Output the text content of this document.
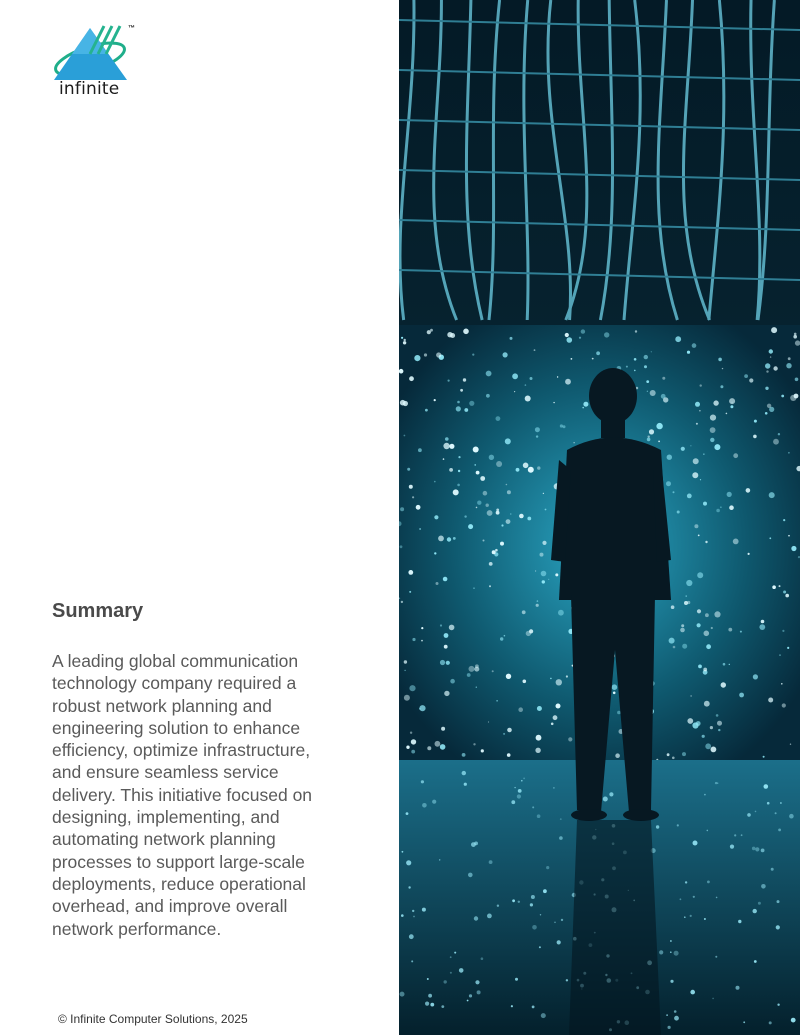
infinite
™
Summary
A leading global communication technology company required a robust network planning and engineering solution to enhance efficiency, optimize infrastructure, and ensure seamless service delivery. This initiative focused on designing, implementing, and automating network planning processes to support large-scale deployments, reduce operational overhead, and improve overall network performance.
© Infinite Computer Solutions, 2025
